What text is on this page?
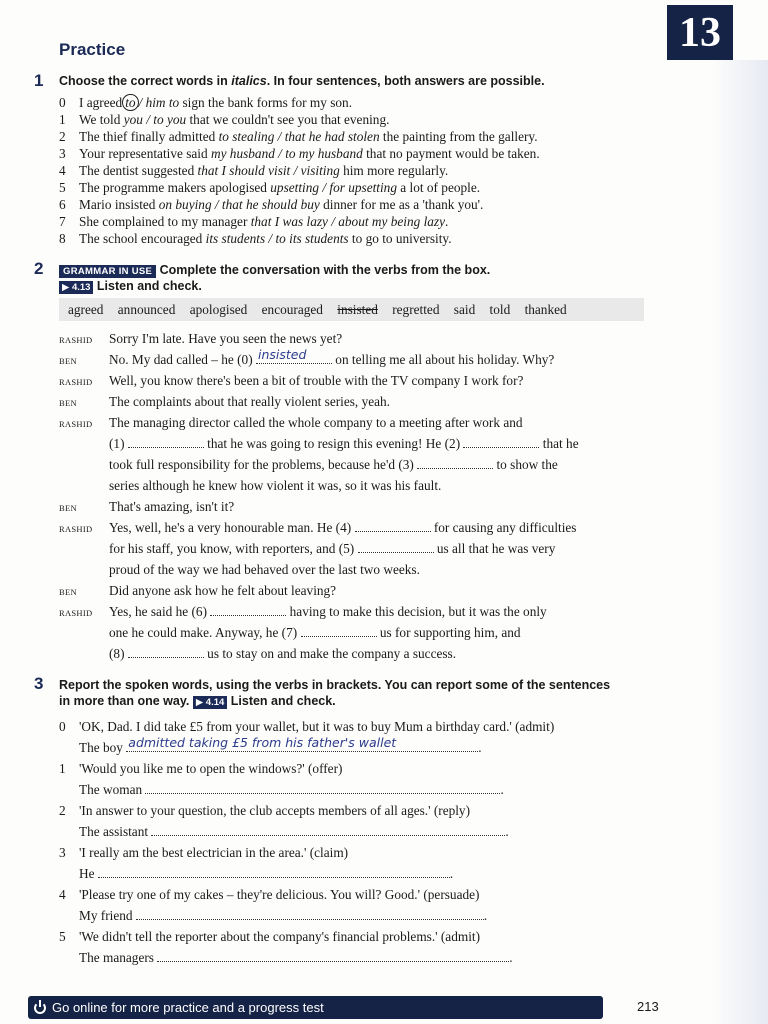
13
Practice
1 Choose the correct words in italics. In four sentences, both answers are possible.
0 I agreed to / him to sign the bank forms for my son.
1 We told you / to you that we couldn't see you that evening.
2 The thief finally admitted to stealing / that he had stolen the painting from the gallery.
3 Your representative said my husband / to my husband that no payment would be taken.
4 The dentist suggested that I should visit / visiting him more regularly.
5 The programme makers apologised upsetting / for upsetting a lot of people.
6 Mario insisted on buying / that he should buy dinner for me as a 'thank you'.
7 She complained to my manager that I was lazy / about my being lazy.
8 The school encouraged its students / to its students to go to university.
2	GRAMMAR IN USE Complete the conversation with the verbs from the box.
▶ 4.13 Listen and check.
agreed announced apologised encouraged insisted regretted said told thanked
RASHID Sorry I'm late. Have you seen the news yet?
BEN No. My dad called – he (0) insisted on telling me all about his holiday. Why?
RASHID Well, you know there's been a bit of trouble with the TV company I work for?
BEN The complaints about that really violent series, yeah.
RASHID The managing director called the whole company to a meeting after work and
(1)	that he was going to resign this evening! He (2)	that he
took full responsibility for the problems, because he'd (3)	to show the
series although he knew how violent it was, so it was his fault.
BEN That's amazing, isn't it?
RASHID Yes, well, he's a very honourable man. He (4)	for causing any difficulties
for his staff, you know, with reporters, and (5)	us all that he was very
proud of the way we had behaved over the last two weeks.
BEN Did anyone ask how he felt about leaving?
RASHID Yes, he said he (6)	having to make this decision, but it was the only
one he could make. Anyway, he (7)	us for supporting him, and
(8)	us to stay on and make the company a success.
3 Report the spoken words, using the verbs in brackets. You can report some of the sentences
in more than one way. ▶ 4.14 Listen and check.
0 'OK, Dad. I did take £5 from your wallet, but it was to buy Mum a birthday card.' (admit)
The boy admitted taking £5 from his father's wallet	.
1 'Would you like me to open the windows?' (offer)
The woman	.
2 'In answer to your question, the club accepts members of all ages.' (reply)
The assistant	.
3 'I really am the best electrician in the area.' (claim)
He	.
4 'Please try one of my cakes – they're delicious. You will? Good.' (persuade)
My friend	.
5 'We didn't tell the reporter about the company's financial problems.' (admit)
The managers	.
Go online for more practice and a progress test	213
